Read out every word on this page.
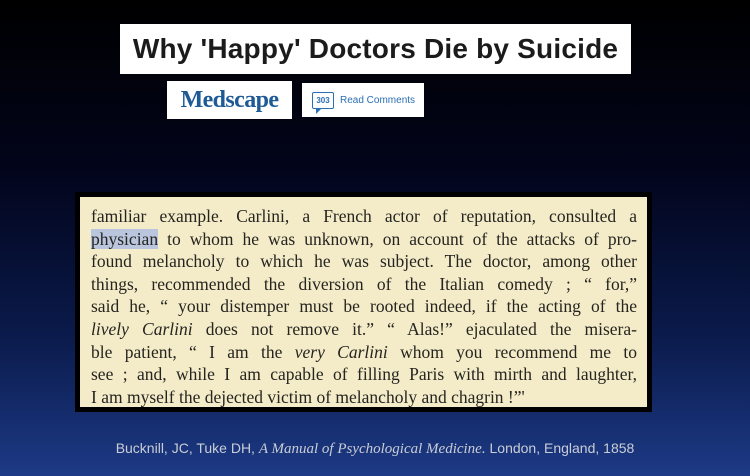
Why 'Happy' Doctors Die by Suicide
Medscape	303 Read Comments
familiar example. Carlini, a French actor of reputation, consulted a
physician to whom he was unknown, on account of the attacks of pro-
found melancholy to which he was subject. The doctor, among other
things, recommended the diversion of the Italian comedy ; “ for,”
said he, “ your distemper must be rooted indeed, if the acting of the
lively Carlini does not remove it.” “ Alas!” ejaculated the misera-
ble patient, “ I am the very Carlini whom you recommend me to
see ; and, while I am capable of filling Paris with mirth and laughter,
I am myself the dejected victim of melancholy and chagrin !”'
Bucknill, JC, Tuke DH, A Manual of Psychological Medicine. London, England, 1858
